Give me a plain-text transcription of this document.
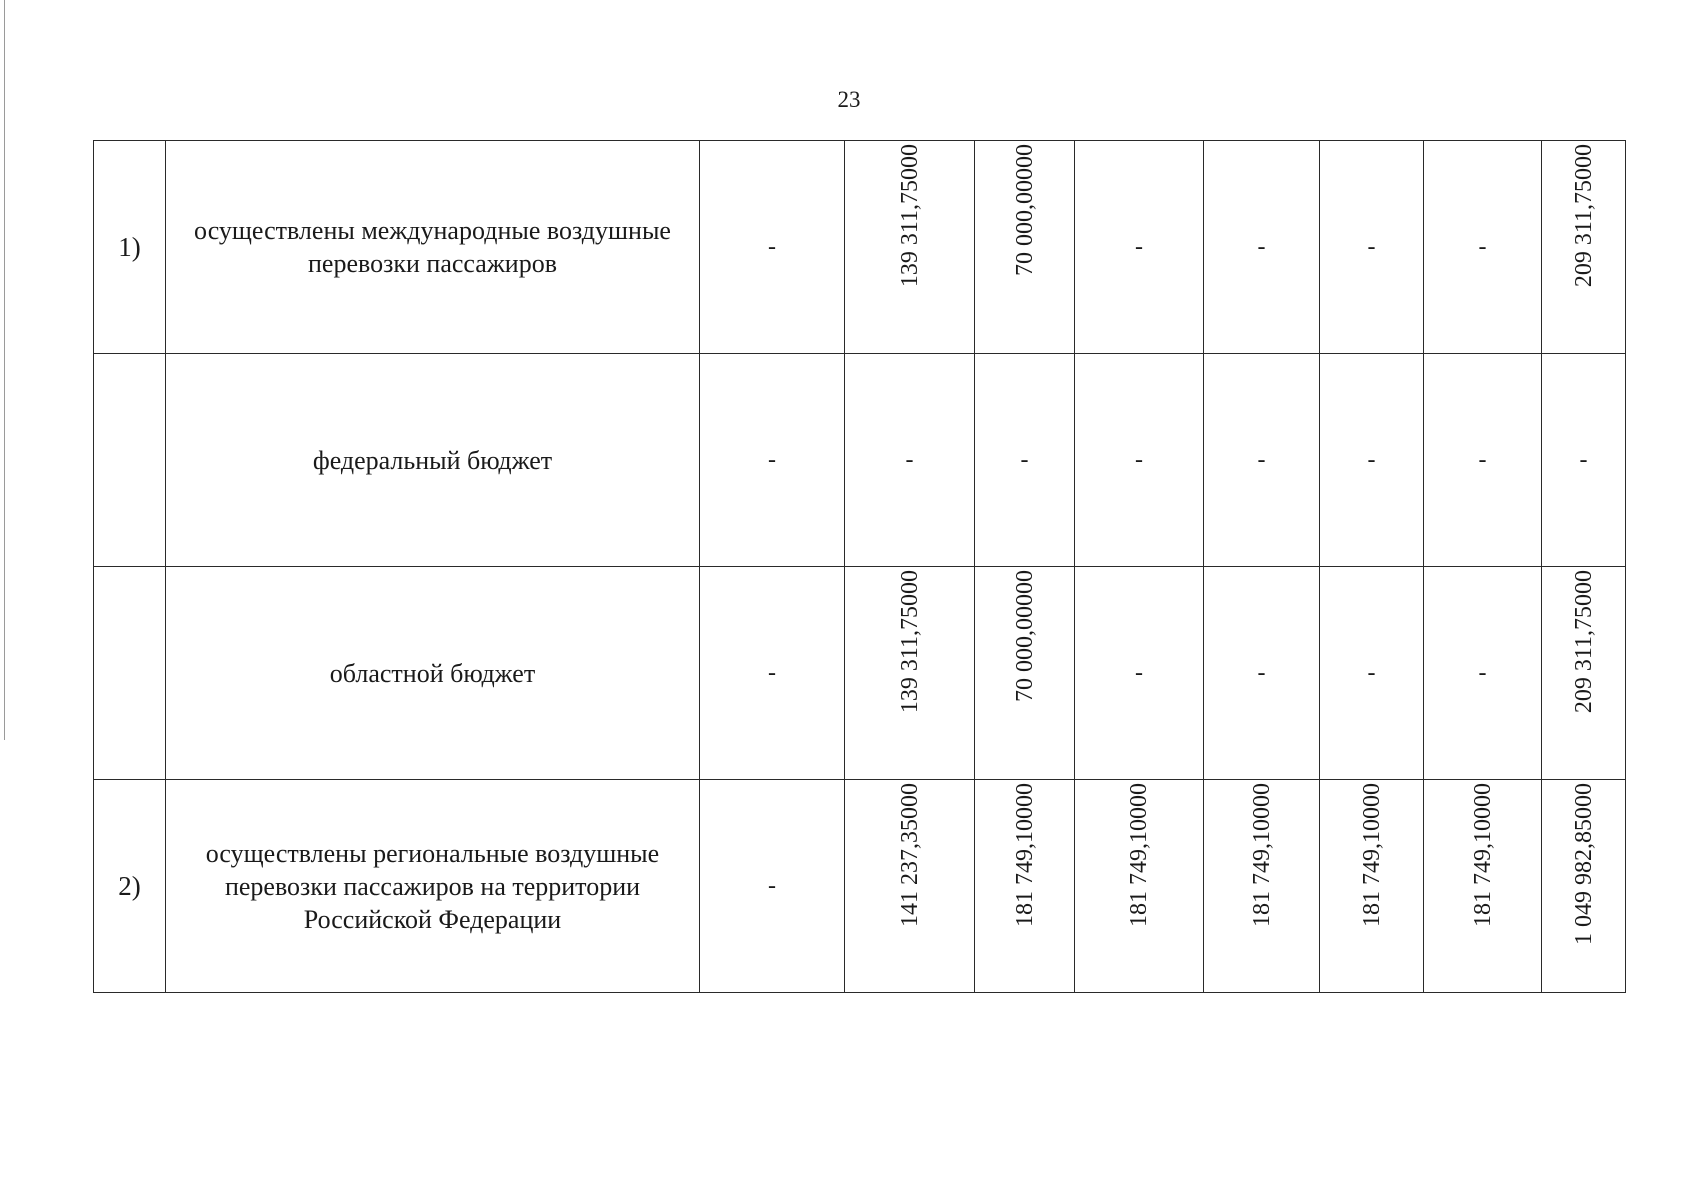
23
1)	осуществлены международные воздушные перевозки пассажиров	-	139 311,75000	70 000,00000	-	-	-	-	209 311,75000

	федеральный бюджет	-	-	-	-	-	-	-	-

	областной бюджет	-	139 311,75000	70 000,00000	-	-	-	-	209 311,75000

2)	осуществлены региональные воздушные перевозки пассажиров на территории Российской Федерации	-	141 237,35000	181 749,10000	181 749,10000	181 749,10000	181 749,10000	181 749,10000	1 049 982,85000
